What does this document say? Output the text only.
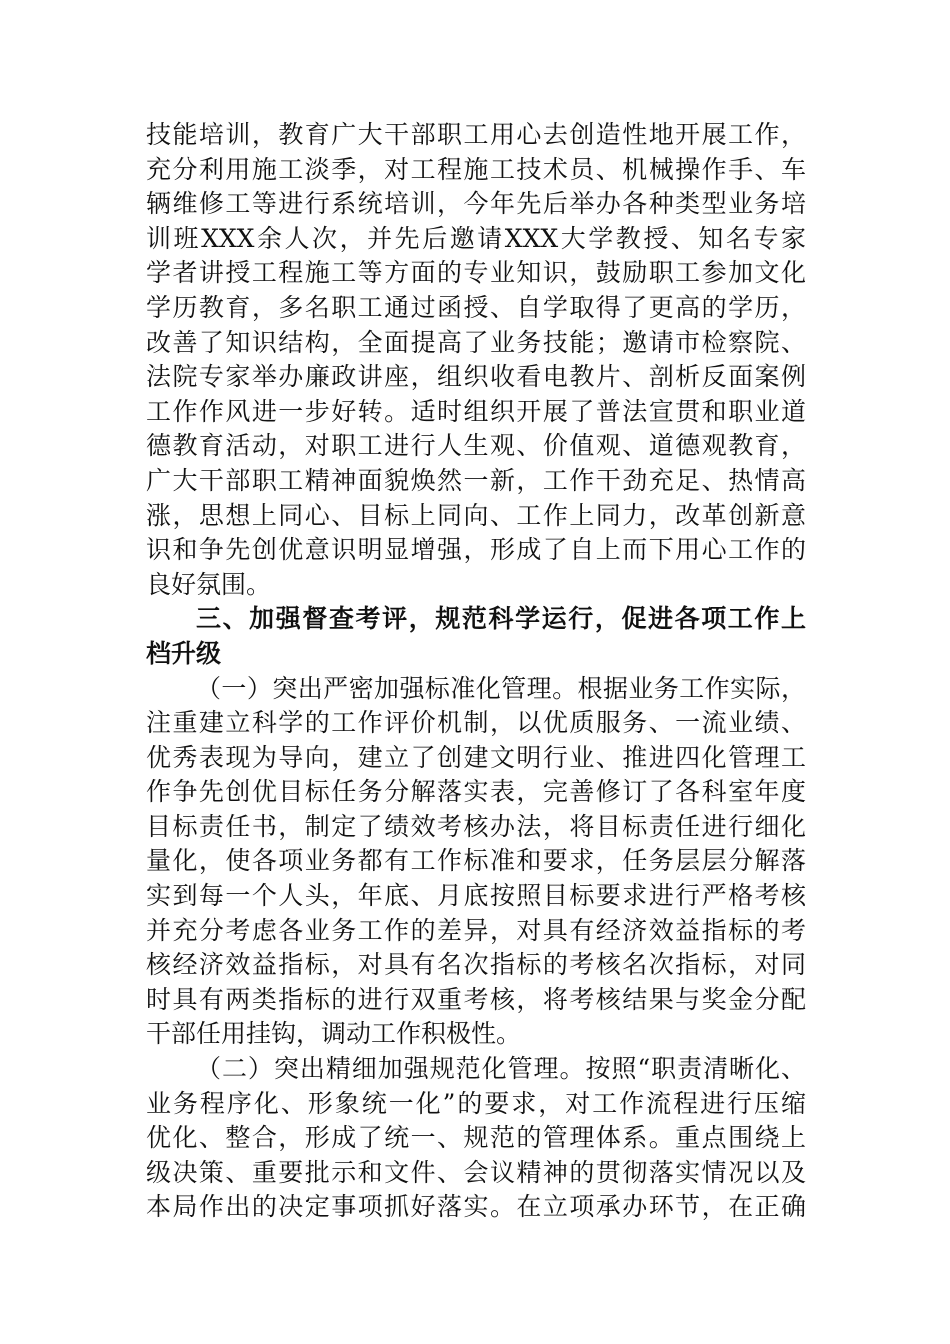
技能培训，教育广大干部职工用心去创造性地开展工作，
充分利用施工淡季，对工程施工技术员、机械操作手、车
辆维修工等进行系统培训，今年先后举办各种类型业务培
训班XXX余人次，并先后邀请XXX大学教授、知名专家
学者讲授工程施工等方面的专业知识，鼓励职工参加文化
学历教育，多名职工通过函授、自学取得了更高的学历，
改善了知识结构，全面提高了业务技能；邀请市检察院、
法院专家举办廉政讲座，组织收看电教片、剖析反面案例
工作作风进一步好转。适时组织开展了普法宣贯和职业道
德教育活动，对职工进行人生观、价值观、道德观教育，
广大干部职工精神面貌焕然一新，工作干劲充足、热情高
涨，思想上同心、目标上同向、工作上同力，改革创新意
识和争先创优意识明显增强，形成了自上而下用心工作的
良好氛围。
三、加强督查考评，规范科学运行，促进各项工作上
档升级
（一）突出严密加强标准化管理。根据业务工作实际，
注重建立科学的工作评价机制，以优质服务、一流业绩、
优秀表现为导向，建立了创建文明行业、推进四化管理工
作争先创优目标任务分解落实表，完善修订了各科室年度
目标责任书，制定了绩效考核办法，将目标责任进行细化
量化，使各项业务都有工作标准和要求，任务层层分解落
实到每一个人头，年底、月底按照目标要求进行严格考核
并充分考虑各业务工作的差异，对具有经济效益指标的考
核经济效益指标，对具有名次指标的考核名次指标，对同
时具有两类指标的进行双重考核，将考核结果与奖金分配
干部任用挂钩，调动工作积极性。
（二）突出精细加强规范化管理。按照“职责清晰化、
业务程序化、形象统一化”的要求，对工作流程进行压缩
优化、整合，形成了统一、规范的管理体系。重点围绕上
级决策、重要批示和文件、会议精神的贯彻落实情况以及
本局作出的决定事项抓好落实。在立项承办环节，在正确
